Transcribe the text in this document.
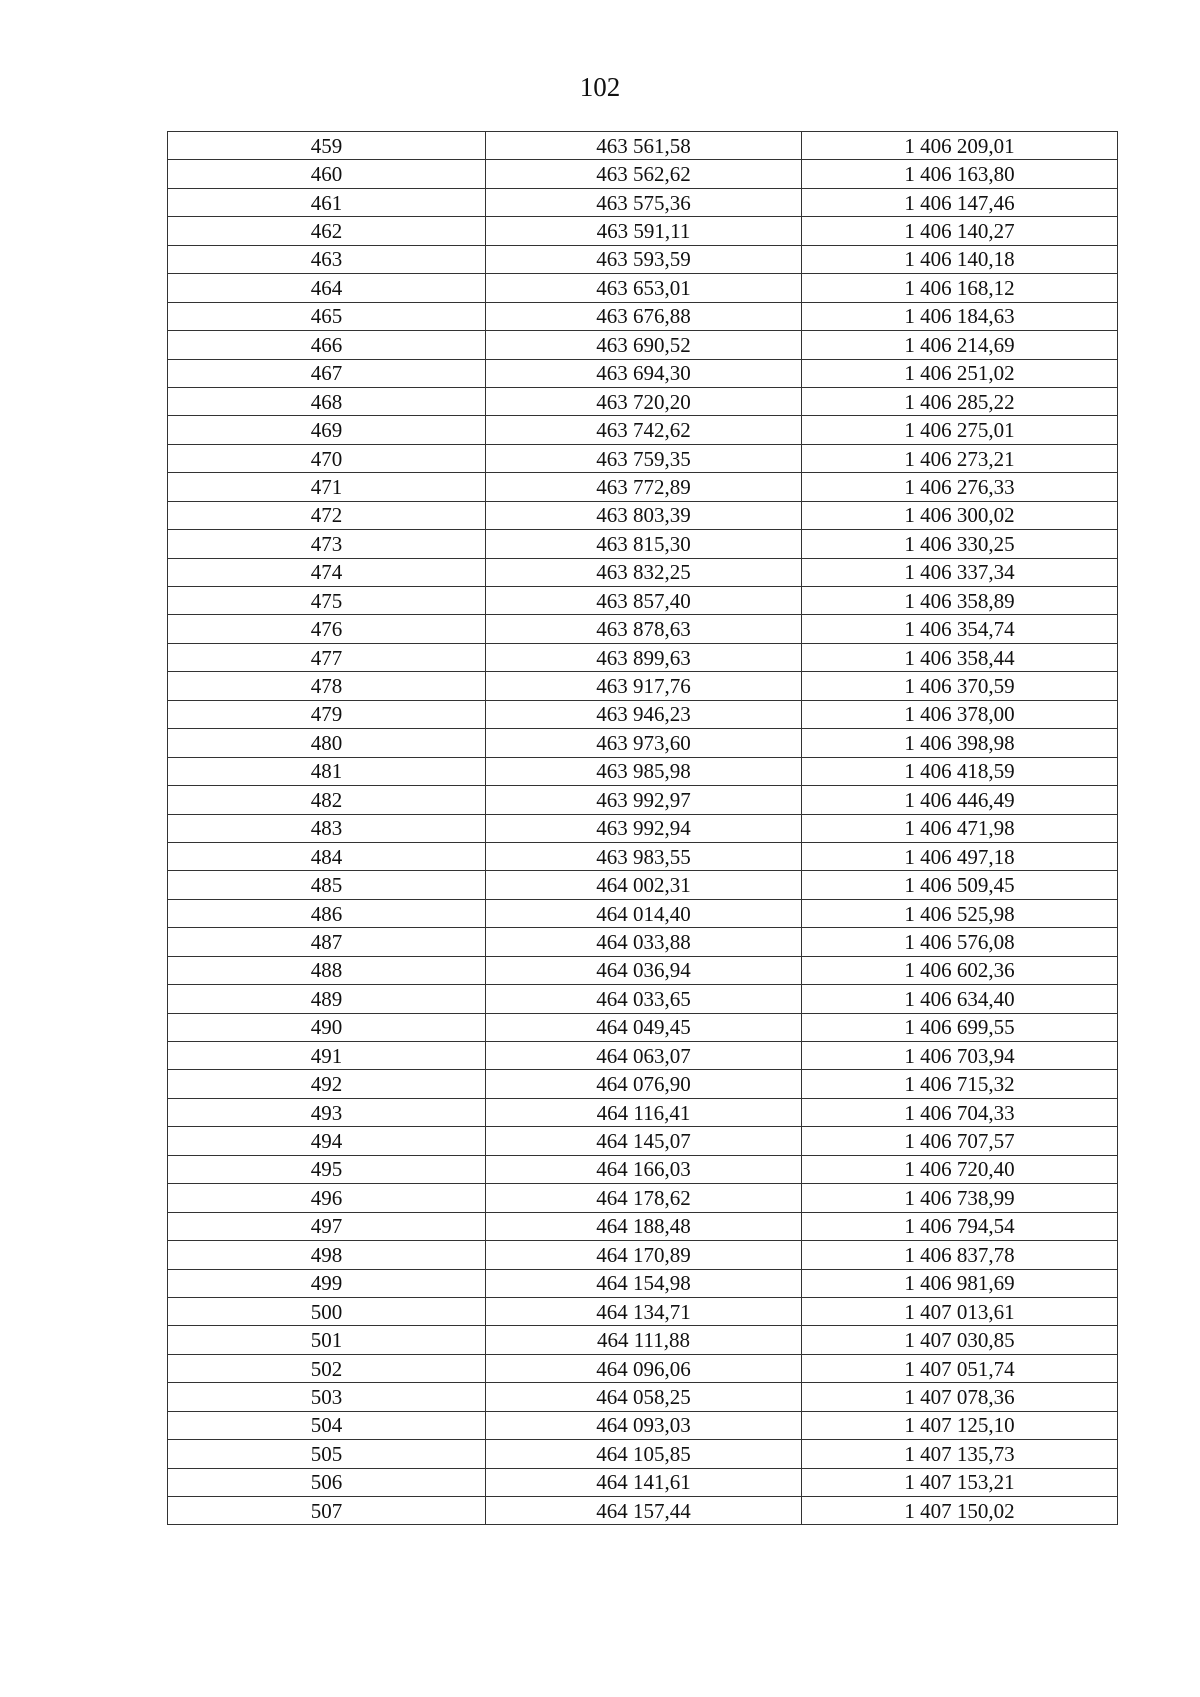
102
459	463 561,58	1 406 209,01
460	463 562,62	1 406 163,80
461	463 575,36	1 406 147,46
462	463 591,11	1 406 140,27
463	463 593,59	1 406 140,18
464	463 653,01	1 406 168,12
465	463 676,88	1 406 184,63
466	463 690,52	1 406 214,69
467	463 694,30	1 406 251,02
468	463 720,20	1 406 285,22
469	463 742,62	1 406 275,01
470	463 759,35	1 406 273,21
471	463 772,89	1 406 276,33
472	463 803,39	1 406 300,02
473	463 815,30	1 406 330,25
474	463 832,25	1 406 337,34
475	463 857,40	1 406 358,89
476	463 878,63	1 406 354,74
477	463 899,63	1 406 358,44
478	463 917,76	1 406 370,59
479	463 946,23	1 406 378,00
480	463 973,60	1 406 398,98
481	463 985,98	1 406 418,59
482	463 992,97	1 406 446,49
483	463 992,94	1 406 471,98
484	463 983,55	1 406 497,18
485	464 002,31	1 406 509,45
486	464 014,40	1 406 525,98
487	464 033,88	1 406 576,08
488	464 036,94	1 406 602,36
489	464 033,65	1 406 634,40
490	464 049,45	1 406 699,55
491	464 063,07	1 406 703,94
492	464 076,90	1 406 715,32
493	464 116,41	1 406 704,33
494	464 145,07	1 406 707,57
495	464 166,03	1 406 720,40
496	464 178,62	1 406 738,99
497	464 188,48	1 406 794,54
498	464 170,89	1 406 837,78
499	464 154,98	1 406 981,69
500	464 134,71	1 407 013,61
501	464 111,88	1 407 030,85
502	464 096,06	1 407 051,74
503	464 058,25	1 407 078,36
504	464 093,03	1 407 125,10
505	464 105,85	1 407 135,73
506	464 141,61	1 407 153,21
507	464 157,44	1 407 150,02
